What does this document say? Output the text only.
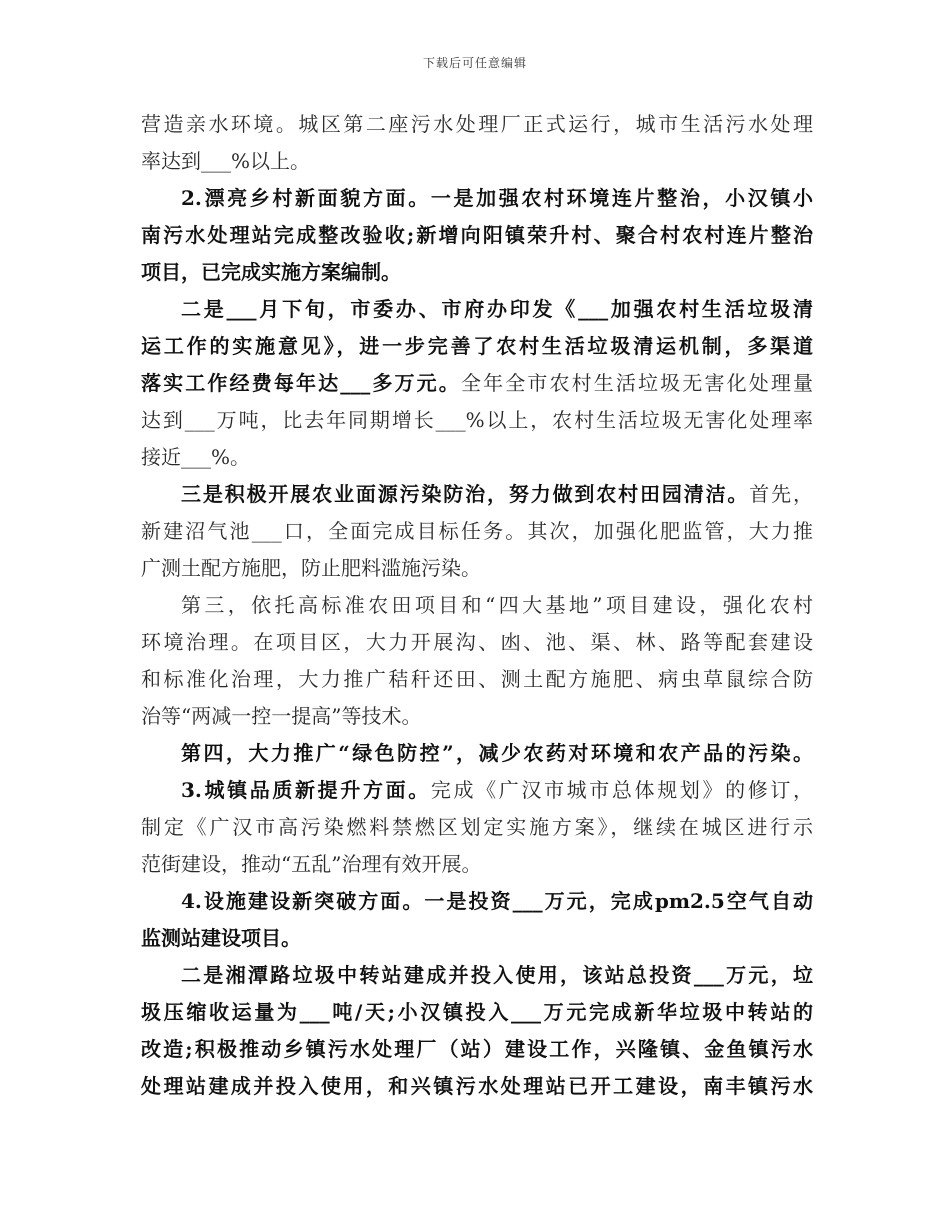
下载后可任意编辑
营造亲水环境。城区第二座污水处理厂正式运行，城市生活污水处理
率达到___%以上。
2.漂亮乡村新面貌方面。一是加强农村环境连片整治，小汉镇小
南污水处理站完成整改验收;新增向阳镇荣升村、聚合村农村连片整治
项目，已完成实施方案编制。
二是___月下旬，市委办、市府办印发《___加强农村生活垃圾清
运工作的实施意见》，进一步完善了农村生活垃圾清运机制，多渠道
落实工作经费每年达___多万元。全年全市农村生活垃圾无害化处理量
达到___万吨，比去年同期增长___%以上，农村生活垃圾无害化处理率
接近___%。
三是积极开展农业面源污染防治，努力做到农村田园清洁。首先，
新建沼气池___口，全面完成目标任务。其次，加强化肥监管，大力推
广测土配方施肥，防止肥料滥施污染。
第三，依托高标准农田项目和“四大基地”项目建设，强化农村
环境治理。在项目区，大力开展沟、凼、池、渠、林、路等配套建设
和标准化治理，大力推广秸秆还田、测土配方施肥、病虫草鼠综合防
治等“两减一控一提高”等技术。
第四，大力推广“绿色防控”，减少农药对环境和农产品的污染。
3.城镇品质新提升方面。完成《广汉市城市总体规划》的修订，
制定《广汉市高污染燃料禁燃区划定实施方案》，继续在城区进行示
范街建设，推动“五乱”治理有效开展。
4.设施建设新突破方面。一是投资___万元，完成pm2.5空气自动
监测站建设项目。
二是湘潭路垃圾中转站建成并投入使用，该站总投资___万元，垃
圾压缩收运量为___吨/天;小汉镇投入___万元完成新华垃圾中转站的
改造;积极推动乡镇污水处理厂（站）建设工作，兴隆镇、金鱼镇污水
处理站建成并投入使用，和兴镇污水处理站已开工建设，南丰镇污水
